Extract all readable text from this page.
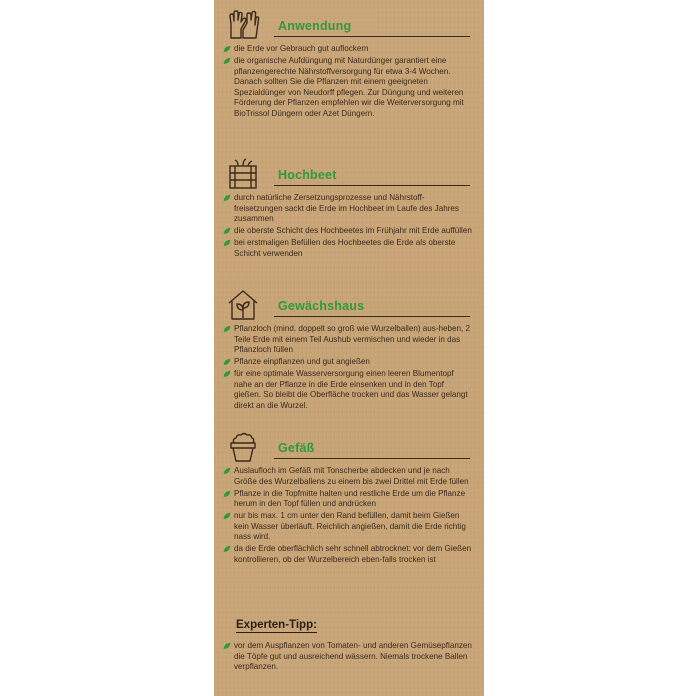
Anwendung
die Erde vor Gebrauch gut auflockern
die organische Aufdüngung mit Naturdünger garantiert eine pflanzengerechte Nährstoffversorgung für etwa 3-4 Wochen. Danach sollten Sie die Pflanzen mit einem geeigneten Spezialdünger von Neudorff pflegen. Zur Düngung und weiteren Förderung der Pflanzen empfehlen wir die Weiterversorgung mit BioTrissol Düngern oder Azet Düngern.
Hochbeet
durch natürliche Zersetzungsprozesse und Nährstoff-freisetzungen sackt die Erde im Hochbeet im Laufe des Jahres zusammen
die oberste Schicht des Hochbeetes im Frühjahr mit Erde auffüllen
bei erstmaligen Befüllen des Hochbeetes die Erde als oberste Schicht verwenden
Gewächshaus
Pflanzloch (mind. doppelt so groß wie Wurzelballen) aus-heben, 2 Teile Erde mit einem Teil Aushub vermischen und wieder in das Pflanzloch füllen
Pflanze einpflanzen und gut angießen
für eine optimale Wasserversorgung einen leeren Blumentopf nahe an der Pflanze in die Erde einsenken und in den Topf gießen. So bleibt die Oberfläche trocken und das Wasser gelangt direkt an die Wurzel.
Gefäß
Auslaufloch im Gefäß mit Tonscherbe abdecken und je nach Größe des Wurzelballens zu einem bis zwei Drittel mit Erde füllen
Pflanze in die Topfmitte halten und restliche Erde um die Pflanze herum in den Topf füllen und andrücken
nur bis max. 1 cm unter den Rand befüllen, damit beim Gießen kein Wasser überläuft. Reichlich angießen, damit die Erde richtig nass wird.
da die Erde oberflächlich sehr schnell abtrocknet: vor dem Gießen kontrollieren, ob der Wurzelbereich eben-falls trocken ist
Experten-Tipp:
vor dem Auspflanzen von Tomaten- und anderen Gemüsepflanzen die Töpfe gut und ausreichend wässern. Niemals trockene Ballen verpflanzen.
